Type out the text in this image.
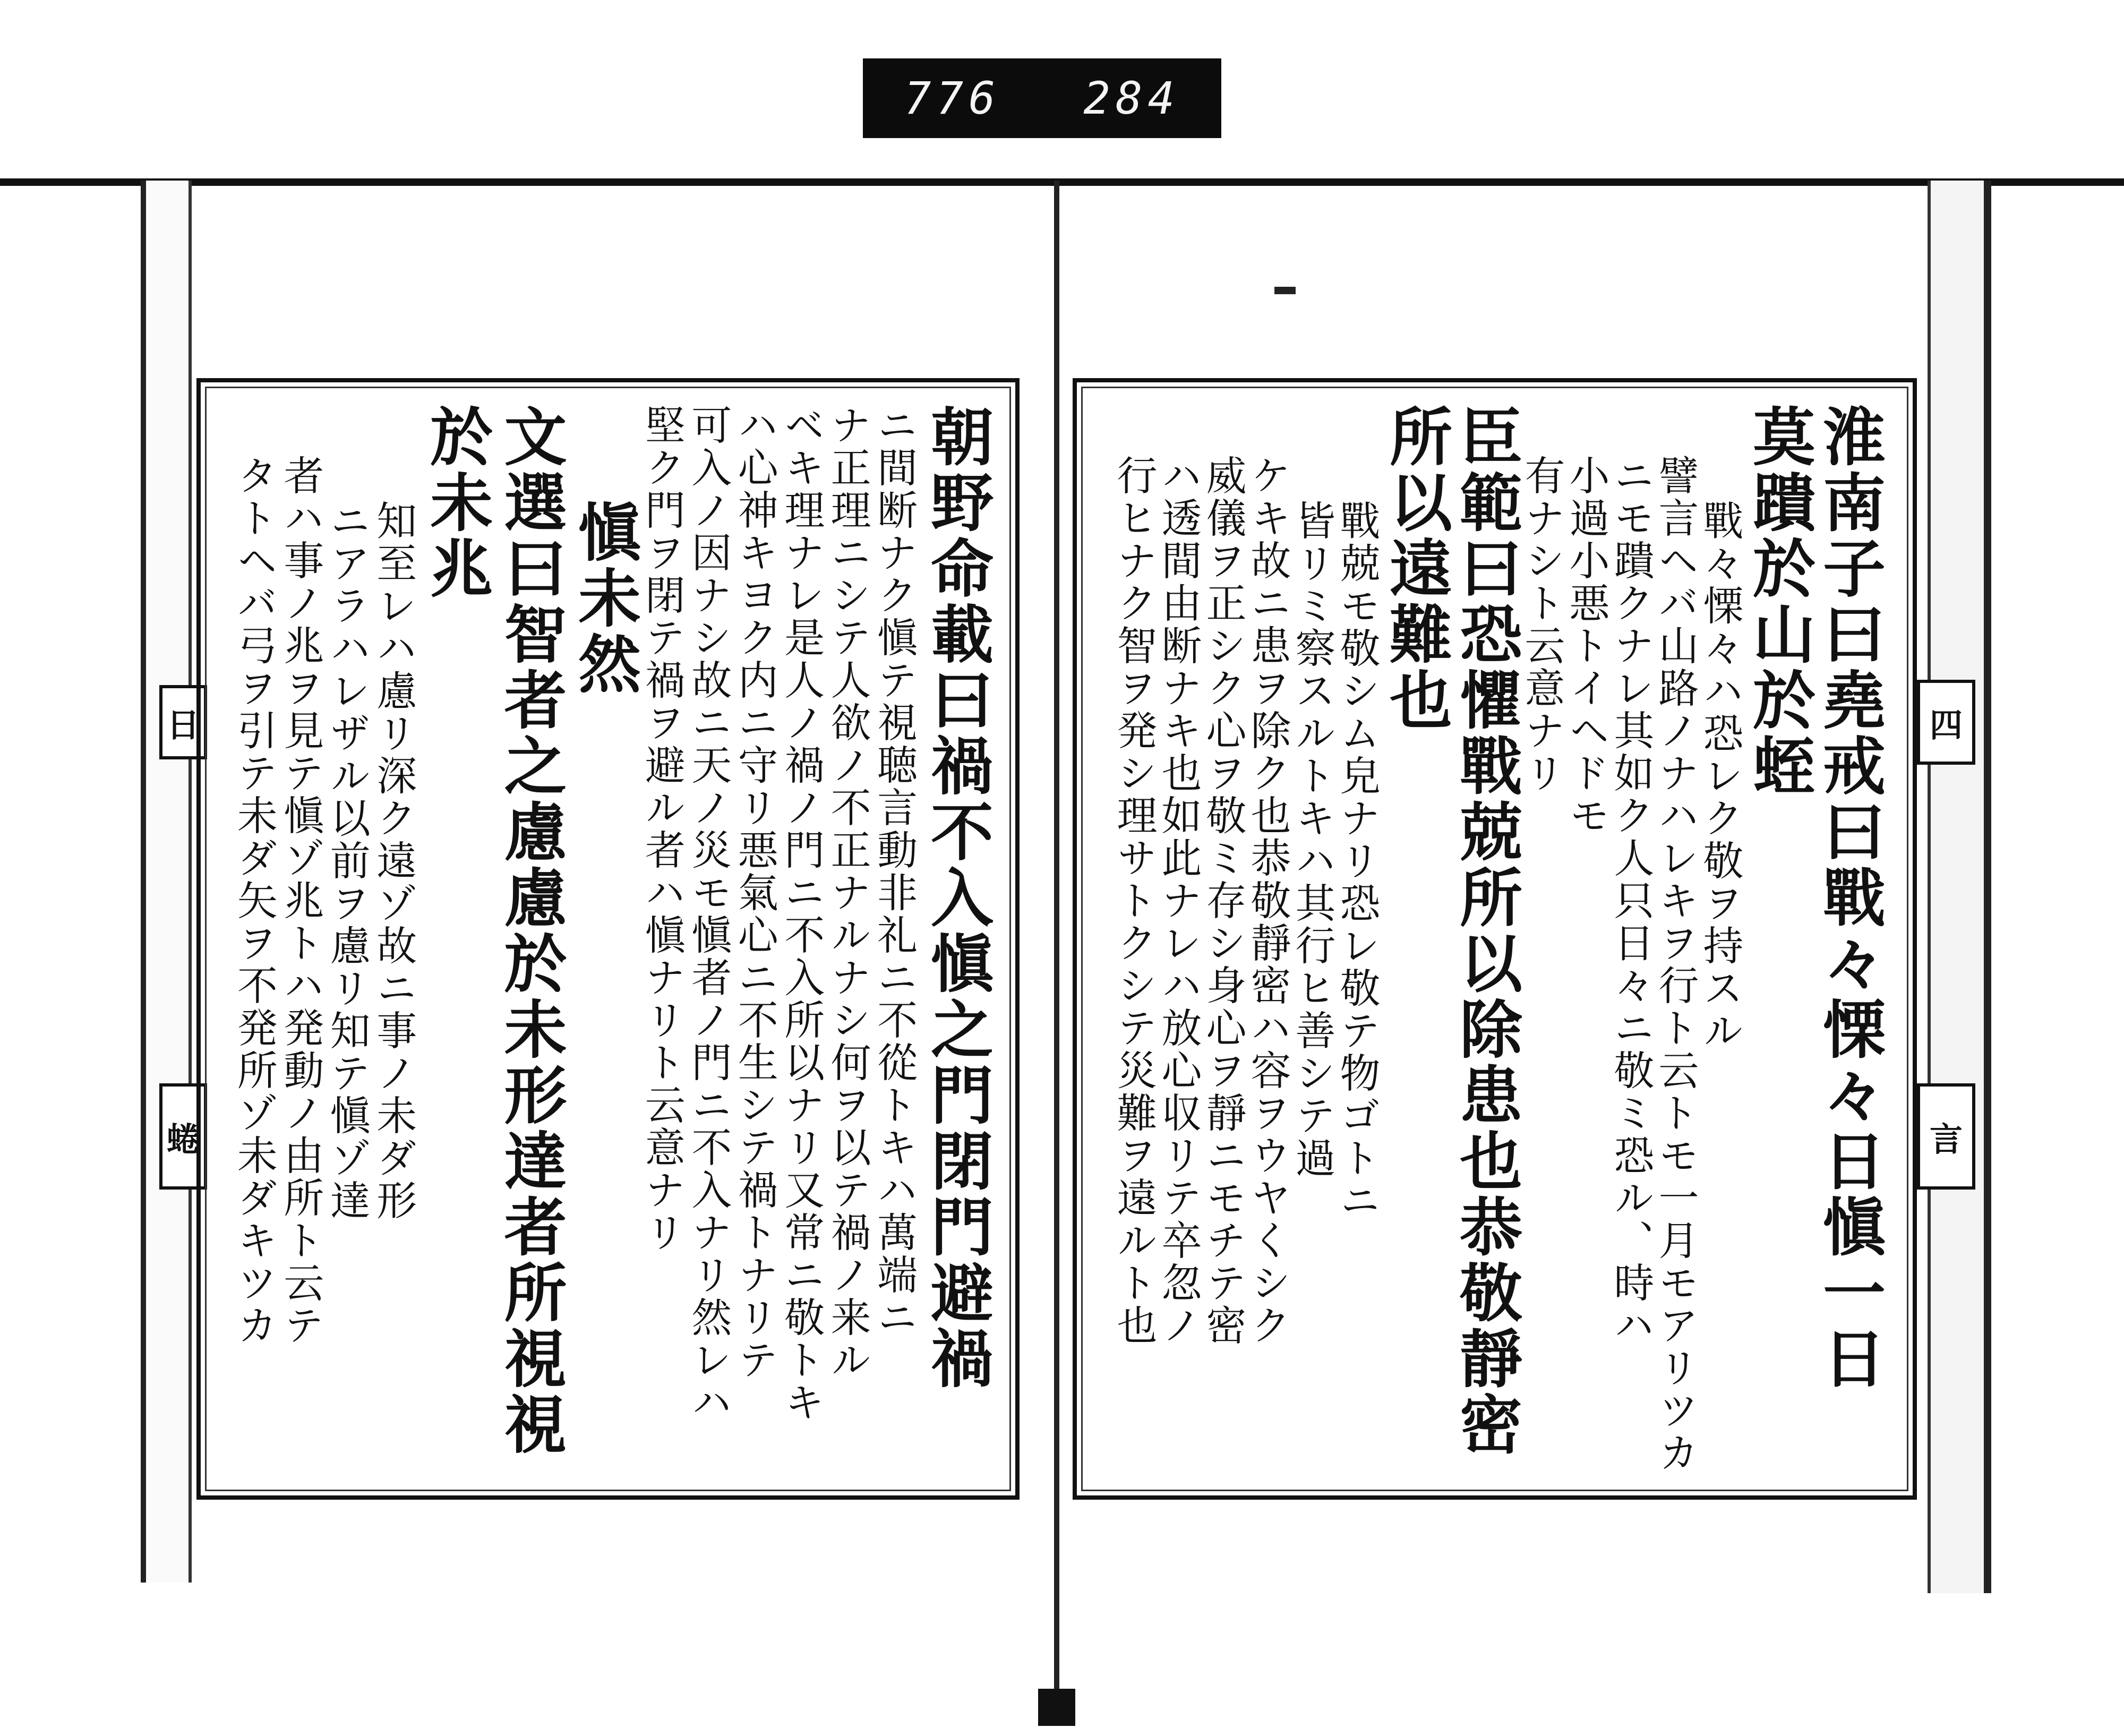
776 284
日
蜷
四
言
朝野命載曰禍不入愼之門閉門避禍
ニ間断ナク愼テ視聴言動非礼ニ不從トキハ萬端ニ
ナ正理ニシテ人欲ノ不正ナルナシ何ヲ以テ禍ノ来ル
ベキ理ナレ是人ノ禍ノ門ニ不入所以ナリ又常ニ敬トキ
ハ心神キヨク内ニ守リ悪氣心ニ不生シテ禍トナリテ
可入ノ因ナシ故ニ天ノ災モ愼者ノ門ニ不入ナリ然レハ
堅ク門ヲ閉テ禍ヲ避ル者ハ愼ナリト云意ナリ
愼未然
文選曰智者之慮慮於未形達者所視視
於未兆
知至レハ慮リ深ク遠ゾ故ニ事ノ未ダ形
ニアラハレザル以前ヲ慮リ知テ愼ゾ達
者ハ事ノ兆ヲ見テ愼ゾ兆トハ発動ノ由所ト云テ
タトヘバ弓ヲ引テ未ダ矢ヲ不発所ゾ未ダキツカ	淮南子曰堯戒曰戰々慄々日愼一日
莫蹪於山於蛭
戰々慄々ハ恐レク敬ヲ持スル
譬言ヘバ山路ノナハレキヲ行ト云トモ一月モアリツカ
ニモ蹪クナレ其如ク人只日々ニ敬ミ恐ル、時ハ
小過小悪トイヘドモ
有ナシト云意ナリ
臣範曰恐懼戰兢所以除患也恭敬靜密
所以遠難也
戰兢モ敬シム皃ナリ恐レ敬テ物ゴトニ
皆リミ察スルトキハ其行ヒ善シテ過
ケキ故ニ患ヲ除ク也恭敬靜密ハ容ヲウヤくシク
威儀ヲ正シク心ヲ敬ミ存シ身心ヲ靜ニモチテ密
ハ透間由断ナキ也如此ナレハ放心収リテ卒忽ノ
行ヒナク智ヲ発シ理サトクシテ災難ヲ遠ルト也
